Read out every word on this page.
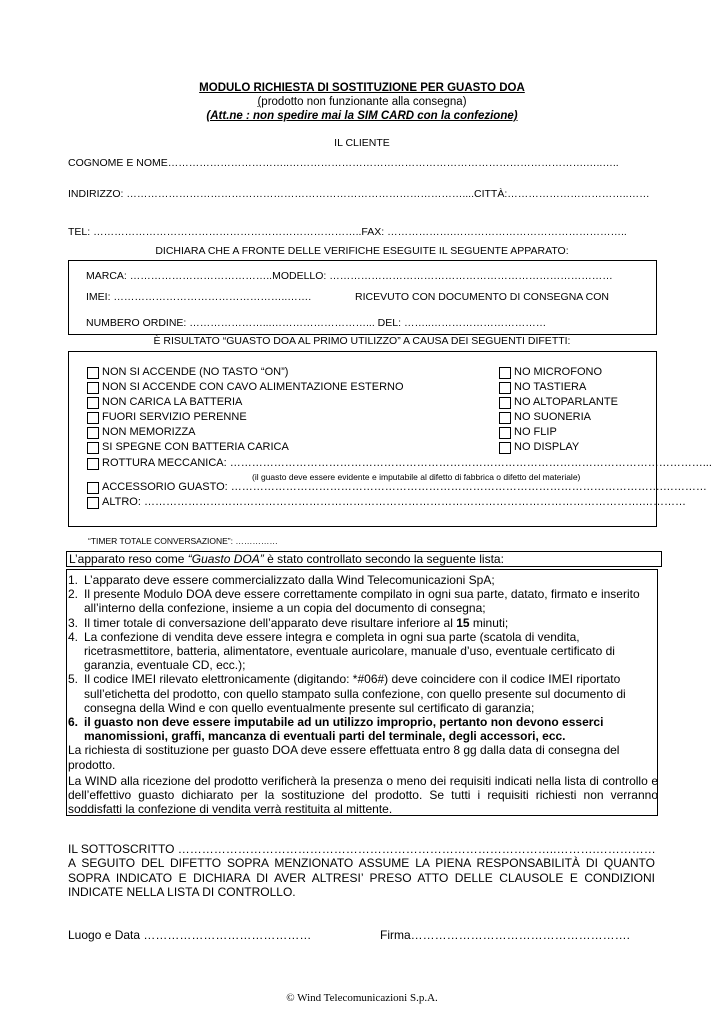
MODULO RICHIESTA DI SOSTITUZIONE PER GUASTO DOA
(prodotto non funzionante alla consegna)
(Att.ne : non spedire mai la SIM CARD con la confezione)
IL CLIENTE
COGNOME E NOME……………………………..………………………………………………………………………….…..…..
INDIRIZZO: ……………………………………………………………………………………....CITTÀ:……………………………..……
TEL: …………………………………………………………………..FAX: ……………….…………………………………………..
DICHIARA CHE A FRONTE DELLE VERIFICHE ESEGUITE IL SEGUENTE APPARATO:
MARCA: …………………………………..MODELLO: ………………………………………………………………………
IMEI: …………………………………………..…….	RICEVUTO CON DOCUMENTO DI CONSEGNA CON
NUMBERO ORDINE: …………………...………………………... DEL: ……..……………………………
È RISULTATO “GUASTO DOA AL PRIMO UTILIZZO” A CAUSA DEI SEGUENTI DIFETTI:
NON SI ACCENDE (NO TASTO “ON”)
NON SI ACCENDE CON CAVO ALIMENTAZIONE ESTERNO
NON CARICA LA BATTERIA
FUORI SERVIZIO PERENNE
NON MEMORIZZA
SI SPEGNE CON BATTERIA CARICA
ROTTURA MECCANICA: …………………………………………………………………………………………………………………...
(il guasto deve essere evidente e imputabile al difetto di fabbrica o difetto del materiale)
ACCESSORIO GUASTO: ……………………………………………………………………………………………………….…………
ALTRO: ……………………………………………………………………………………………………………………….…………
NO MICROFONO
NO TASTIERA
NO ALTOPARLANTE
NO SUONERIA
NO FLIP
NO DISPLAY
“TIMER TOTALE CONVERSAZIONE”: ……………
L’apparato reso come “Guasto DOA” è stato controllato secondo la seguente lista:
1. L’apparato deve essere commercializzato dalla Wind Telecomunicazioni SpA;
2. Il presente Modulo DOA deve essere correttamente compilato in ogni sua parte, datato, firmato e inserito all’interno della confezione, insieme a un copia del documento di consegna;
3. Il timer totale di conversazione dell’apparato deve risultare inferiore al 15 minuti;
4. La confezione di vendita deve essere integra e completa in ogni sua parte (scatola di vendita, ricetrasmettitore, batteria, alimentatore, eventuale auricolare, manuale d’uso, eventuale certificato di garanzia, eventuale CD, ecc.);
5. Il codice IMEI rilevato elettronicamente (digitando: *#06#) deve coincidere con il codice IMEI riportato sull’etichetta del prodotto, con quello stampato sulla confezione, con quello presente sul documento di consegna della Wind e con quello eventualmente presente sul certificato di garanzia;
6. il guasto non deve essere imputabile ad un utilizzo improprio, pertanto non devono esserci manomissioni, graffi, mancanza di eventuali parti del terminale, degli accessori, ecc.

La richiesta di sostituzione per guasto DOA deve essere effettuata entro 8 gg dalla data di consegna del prodotto.

La WIND alla ricezione del prodotto verificherà la presenza o meno dei requisiti indicati nella lista di controllo e dell’effettivo guasto dichiarato per la sostituzione del prodotto. Se tutti i requisiti richiesti non verranno soddisfatti la confezione di vendita verrà restituita al mittente.

IL SOTTOSCRITTO …………………………………………………………………………………..……….……………
A SEGUITO DEL DIFETTO SOPRA MENZIONATO ASSUME LA PIENA RESPONSABILITÀ DI QUANTO SOPRA INDICATO E DICHIARA DI AVER ALTRESI’ PRESO ATTO DELLE CLAUSOLE E CONDIZIONI INDICATE NELLA LISTA DI CONTROLLO.
Luogo e Data ……………………………………	Firma……………………………………………….
© Wind Telecomunicazioni S.p.A.
